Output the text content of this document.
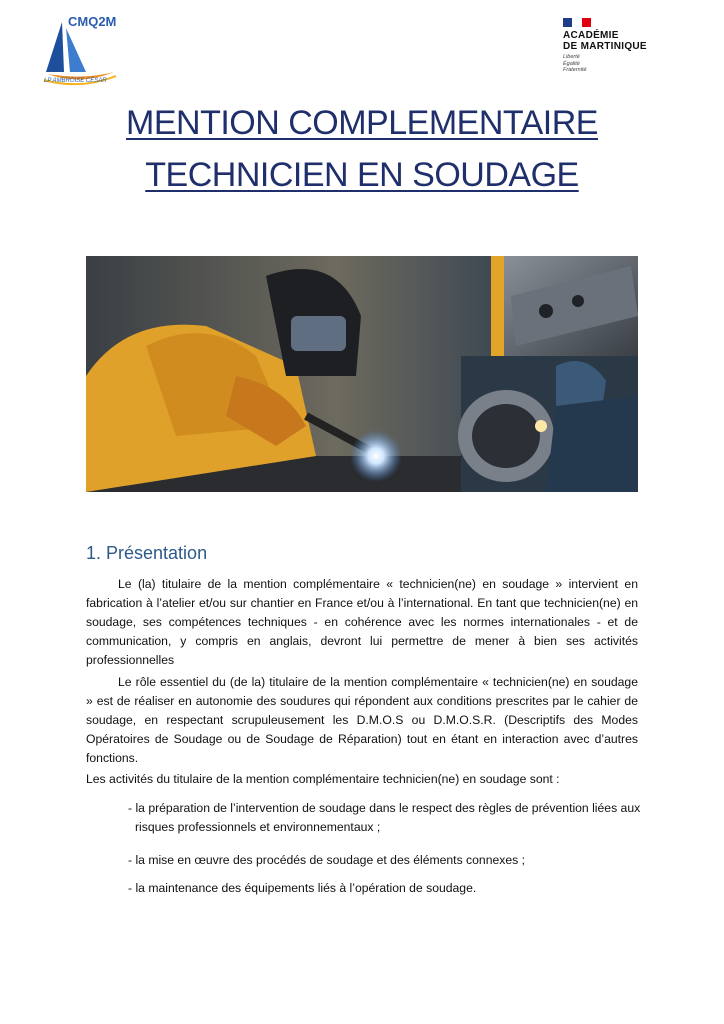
CMQ2M
LP AMBROISE CÉSAR
ACADÉMIE
DE MARTINIQUE
Liberté
Égalité
Fraternité
MENTION COMPLEMENTAIRE
TECHNICIEN EN SOUDAGE
1. Présentation
Le (la) titulaire de la mention complémentaire « technicien(ne) en soudage » intervient en fabrication à l’atelier et/ou sur chantier en France et/ou à l’international. En tant que technicien(ne) en soudage, ses compétences techniques - en cohérence avec les normes internationales - et de communication, y compris en anglais, devront lui permettre de mener à bien ses activités professionnelles
Le rôle essentiel du (de la) titulaire de la mention complémentaire « technicien(ne) en soudage » est de réaliser en autonomie des soudures qui répondent aux conditions prescrites par le cahier de soudage, en respectant scrupuleusement les D.M.O.S ou D.M.O.S.R. (Descriptifs des Modes Opératoires de Soudage ou de Soudage de Réparation) tout en étant en interaction avec d’autres fonctions.
Les activités du titulaire de la mention complémentaire technicien(ne) en soudage sont :
- la préparation de l’intervention de soudage dans le respect des règles de prévention liées aux risques professionnels et environnementaux ;
- la mise en œuvre des procédés de soudage et des éléments connexes ;
- la maintenance des équipements liés à l’opération de soudage.
